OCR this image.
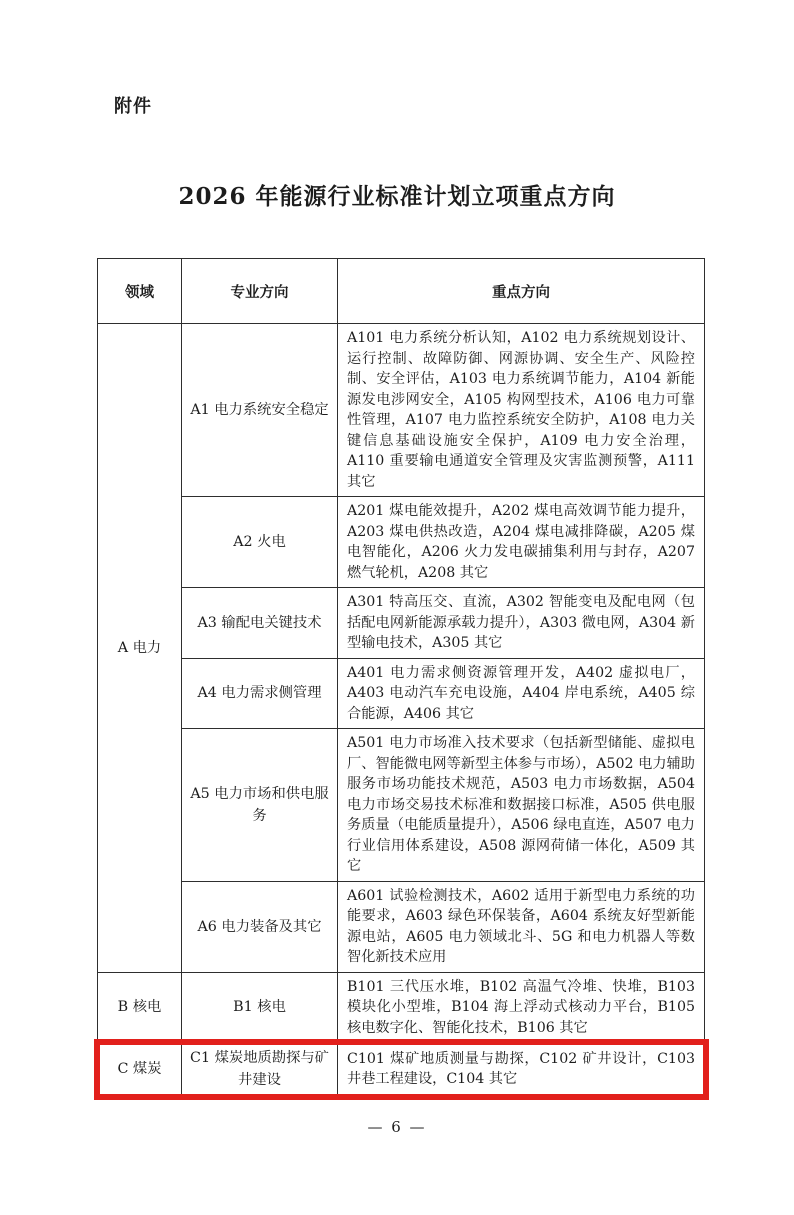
附件
2026 年能源行业标准计划立项重点方向
领域	专业方向	重点方向
A 电力	A1 电力系统安全稳定	A101 电力系统分析认知，A102 电力系统规划设计、运行控制、故障防御、网源协调、安全生产、风险控制、安全评估，A103 电力系统调节能力，A104 新能源发电涉网安全，A105 构网型技术，A106 电力可靠性管理，A107 电力监控系统安全防护，A108 电力关键信息基础设施安全保护，A109 电力安全治理，A110 重要输电通道安全管理及灾害监测预警，A111 其它
	A2 火电	A201 煤电能效提升，A202 煤电高效调节能力提升，A203 煤电供热改造，A204 煤电减排降碳，A205 煤电智能化，A206 火力发电碳捕集利用与封存，A207 燃气轮机，A208 其它
	A3 输配电关键技术	A301 特高压交、直流，A302 智能变电及配电网（包括配电网新能源承载力提升），A303 微电网，A304 新型输电技术，A305 其它
	A4 电力需求侧管理	A401 电力需求侧资源管理开发，A402 虚拟电厂，A403 电动汽车充电设施，A404 岸电系统，A405 综合能源，A406 其它
	A5 电力市场和供电服务	A501 电力市场准入技术要求（包括新型储能、虚拟电厂、智能微电网等新型主体参与市场），A502 电力辅助服务市场功能技术规范，A503 电力市场数据，A504 电力市场交易技术标准和数据接口标准，A505 供电服务质量（电能质量提升），A506 绿电直连，A507 电力行业信用体系建设，A508 源网荷储一体化，A509 其它
	A6 电力装备及其它	A601 试验检测技术，A602 适用于新型电力系统的功能要求，A603 绿色环保装备，A604 系统友好型新能源电站，A605 电力领域北斗、5G 和电力机器人等数智化新技术应用
B 核电	B1 核电	B101 三代压水堆，B102 高温气冷堆、快堆，B103 模块化小型堆，B104 海上浮动式核动力平台，B105 核电数字化、智能化技术，B106 其它
C 煤炭	C1 煤炭地质勘探与矿井建设	C101 煤矿地质测量与勘探，C102 矿井设计，C103 井巷工程建设，C104 其它
— 6 —
